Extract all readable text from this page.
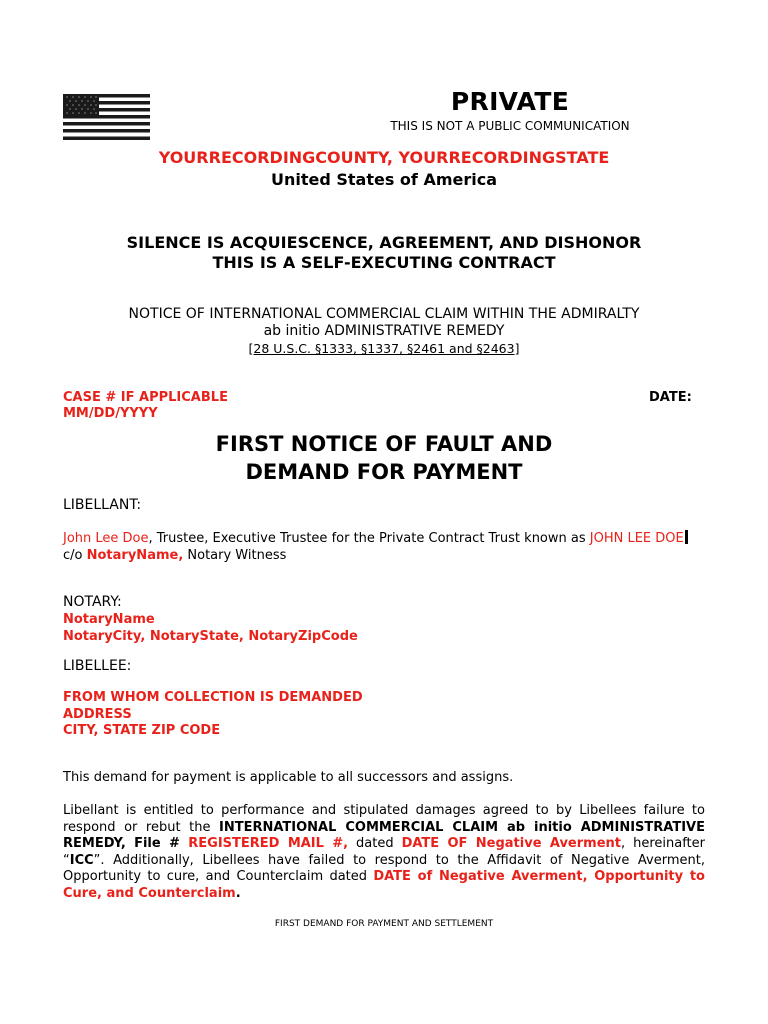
PRIVATE
THIS IS NOT A PUBLIC COMMUNICATION
YOURRECORDINGCOUNTY, YOURRECORDINGSTATE
United States of America
SILENCE IS ACQUIESCENCE, AGREEMENT, AND DISHONOR
THIS IS A SELF-EXECUTING CONTRACT
NOTICE OF INTERNATIONAL COMMERCIAL CLAIM WITHIN THE ADMIRALTY
ab initio ADMINISTRATIVE REMEDY
[28 U.S.C. §1333, §1337, §2461 and §2463]
CASE # IF APPLICABLE	DATE:
MM/DD/YYYY
FIRST NOTICE OF FAULT AND
DEMAND FOR PAYMENT
LIBELLANT:
John Lee Doe, Trustee, Executive Trustee for the Private Contract Trust known as JOHN LEE DOE
c/o NotaryName, Notary Witness
NOTARY:
NotaryName
NotaryCity, NotaryState, NotaryZipCode
LIBELLEE:
FROM WHOM COLLECTION IS DEMANDED
ADDRESS
CITY, STATE ZIP CODE
This demand for payment is applicable to all successors and assigns.
Libellant is entitled to performance and stipulated damages agreed to by Libellees failure to respond or rebut the INTERNATIONAL COMMERCIAL CLAIM ab initio ADMINISTRATIVE REMEDY, File # REGISTERED MAIL #, dated DATE OF Negative Averment, hereinafter “ICC”. Additionally, Libellees have failed to respond to the Affidavit of Negative Averment, Opportunity to cure, and Counterclaim dated DATE of Negative Averment, Opportunity to Cure, and Counterclaim.
FIRST DEMAND FOR PAYMENT AND SETTLEMENT
